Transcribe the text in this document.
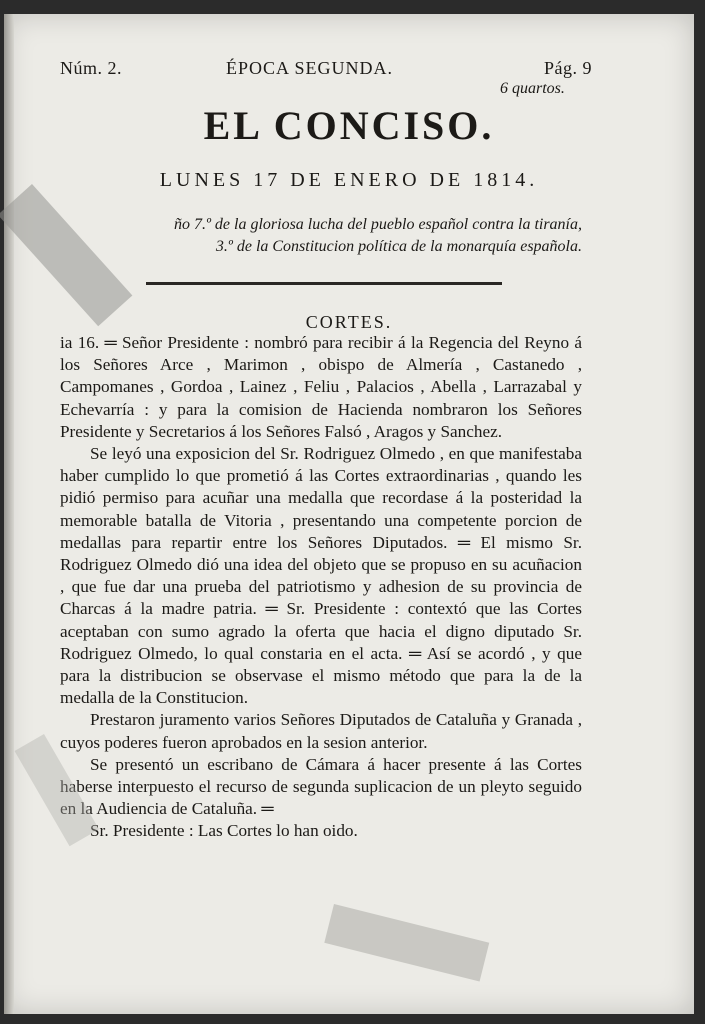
Núm. 2.	ÉPOCA SEGUNDA.	Pág. 9
6 quartos.
EL CONCISO.
LUNES 17 DE ENERO DE 1814.
ño 7.º de la gloriosa lucha del pueblo español contra la tiranía,
3.º de la Constitucion política de la monarquía española.
CORTES.

ia 16. ═ Señor Presidente : nombró para recibir á la Regencia del Reyno á los Señores Arce , Marimon , obispo de Almería , Castanedo , Campomanes , Gordoa , Lainez , Feliu , Palacios , Abella , Larrazabal y Echevarría : y para la comision de Hacienda nombraron los Señores Presidente y Secretarios á los Señores Falsó , Aragos y Sanchez.

Se leyó una exposicion del Sr. Rodriguez Olmedo , en que manifestaba haber cumplido lo que prometió á las Cortes extraordinarias , quando les pidió permiso para acuñar una medalla que recordase á la posteridad la memorable batalla de Vitoria , presentando una competente porcion de medallas para repartir entre los Señores Diputados. ═ El mismo Sr. Rodriguez Olmedo dió una idea del objeto que se propuso en su acuñacion , que fue dar una prueba del patriotismo y adhesion de su provincia de Charcas á la madre patria. ═ Sr. Presidente : contextó que las Cortes aceptaban con sumo agrado la oferta que hacia el digno diputado Sr. Rodriguez Olmedo, lo qual constaria en el acta. ═ Así se acordó , y que para la distribucion se observase el mismo método que para la de la medalla de la Constitucion.

Prestaron juramento varios Señores Diputados de Cataluña y Granada , cuyos poderes fueron aprobados en la sesion anterior.

Se presentó un escribano de Cámara á hacer presente á las Cortes haberse interpuesto el recurso de segunda suplicacion de un pleyto seguido en la Audiencia de Cataluña. ═

Sr. Presidente : Las Cortes lo han oido.
